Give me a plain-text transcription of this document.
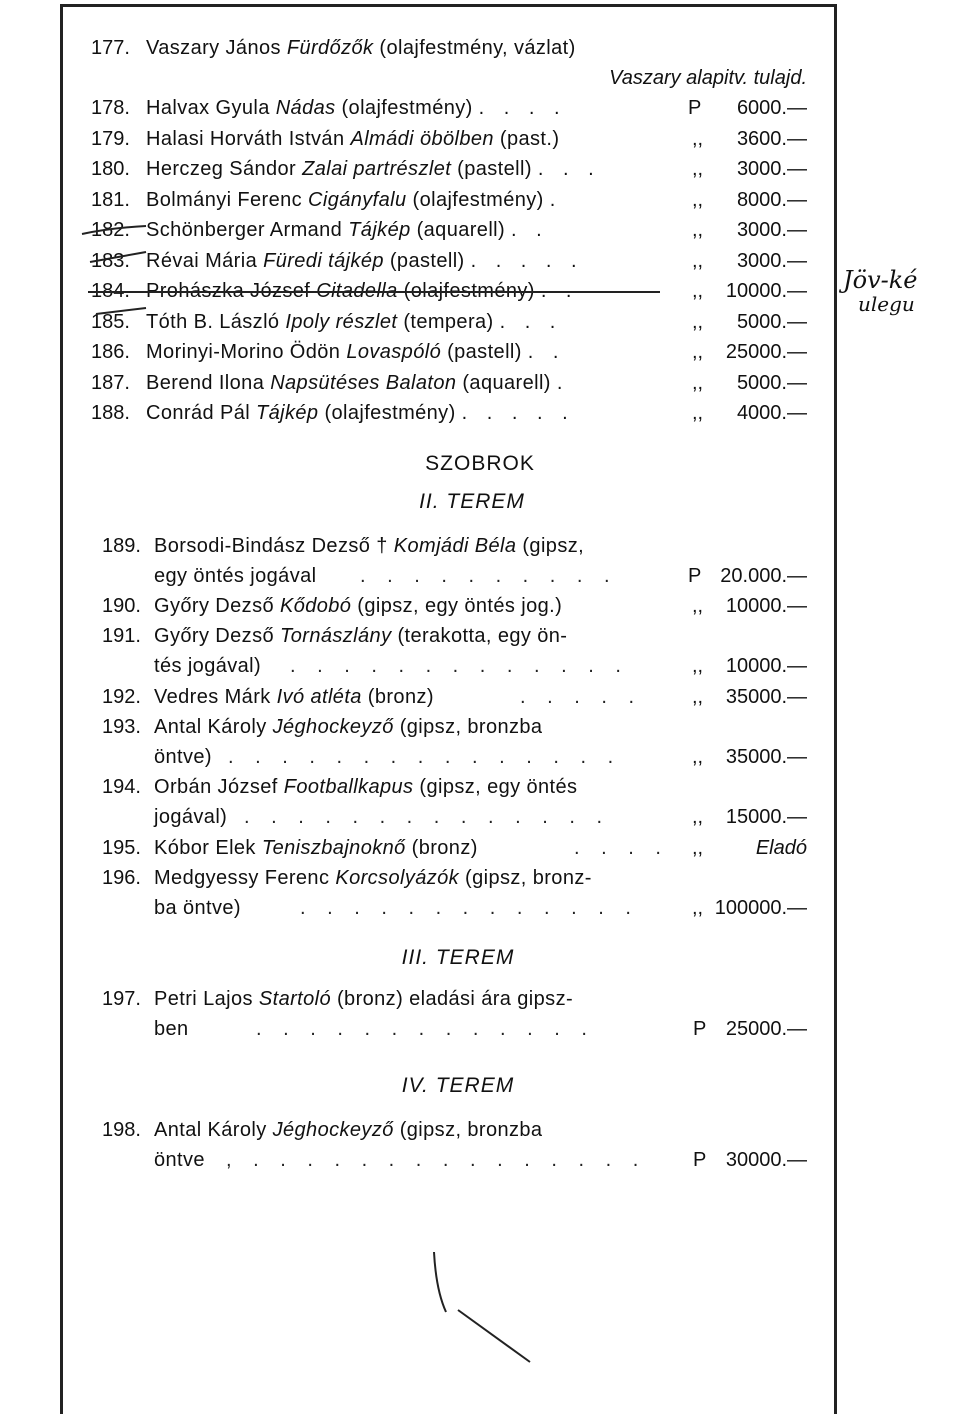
177. Vaszary János Fürdőzők (olajfestmény, vázlat)
Vaszary alapitv. tulajd.
178. Halvax Gyula Nádas (olajfestmény) . . . .	P 6000.—
179. Halasi Horváth István Almádi öbölben (past.)	,, 3600.—
180. Herczeg Sándor Zalai partrészlet (pastell) . . .	,, 3000.—
181. Bolmányi Ferenc Cigányfalu (olajfestmény) .	,, 8000.—
182. Schönberger Armand Tájkép (aquarell) . .	,, 3000.—
183. Révai Mária Füredi tájkép (pastell) . . . . .	,, 3000.—
184. Prohászka József Citadella (olajfestmény) . .	,, 10000.—
185. Tóth B. László Ipoly részlet (tempera) . . .	,, 5000.—
186. Morinyi-Morino Ödön Lovaspóló (pastell) . .	,, 25000.—
187. Berend Ilona Napsütéses Balaton (aquarell) .	,, 5000.—
188. Conrád Pál Tájkép (olajfestmény) . . . . .	,, 4000.—
SZOBROK
II. TEREM
189. Borsodi-Bindász Dezső † Komjádi Béla (gipsz,
egy öntés jogával	P 20.000.—
190. Győry Dezső Kődobó (gipsz, egy öntés jog.)	,, 10000.—
191. Győry Dezső Tornászlány (terakotta, egy ön-
tés jogával)	,, 10000.—
192. Vedres Márk Ivó atléta (bronz)	,, 35000.—
193. Antal Károly Jéghockeyző (gipsz, bronzba
öntve)	,, 35000.—
194. Orbán József Footballkapus (gipsz, egy öntés
jogával)	,, 15000.—
195. Kóbor Elek Teniszbajnoknő (bronz)	,,	Eladó
196. Medgyessy Ferenc Korcsolyázók (gipsz, bronz-
ba öntve)	,, 100000.—
. . . . . . . . . .
. . . . . . . . . . . . .
. . . . .
. . . . . . . . . . . . . . .
. . . . . . . . . . . . . .
. . . .
. . . . . . . . . . . . .
III. TEREM
197. Petri Lajos Startoló (bronz) eladási ára gipsz-
ben	. . . . . . . . . . . . .	P 25000.—
IV. TEREM
198. Antal Károly Jéghockeyző (gipsz, bronzba
öntve , . . . . . . . . . . . . . . . P 30000.—
Jöv-ké
ulegu
